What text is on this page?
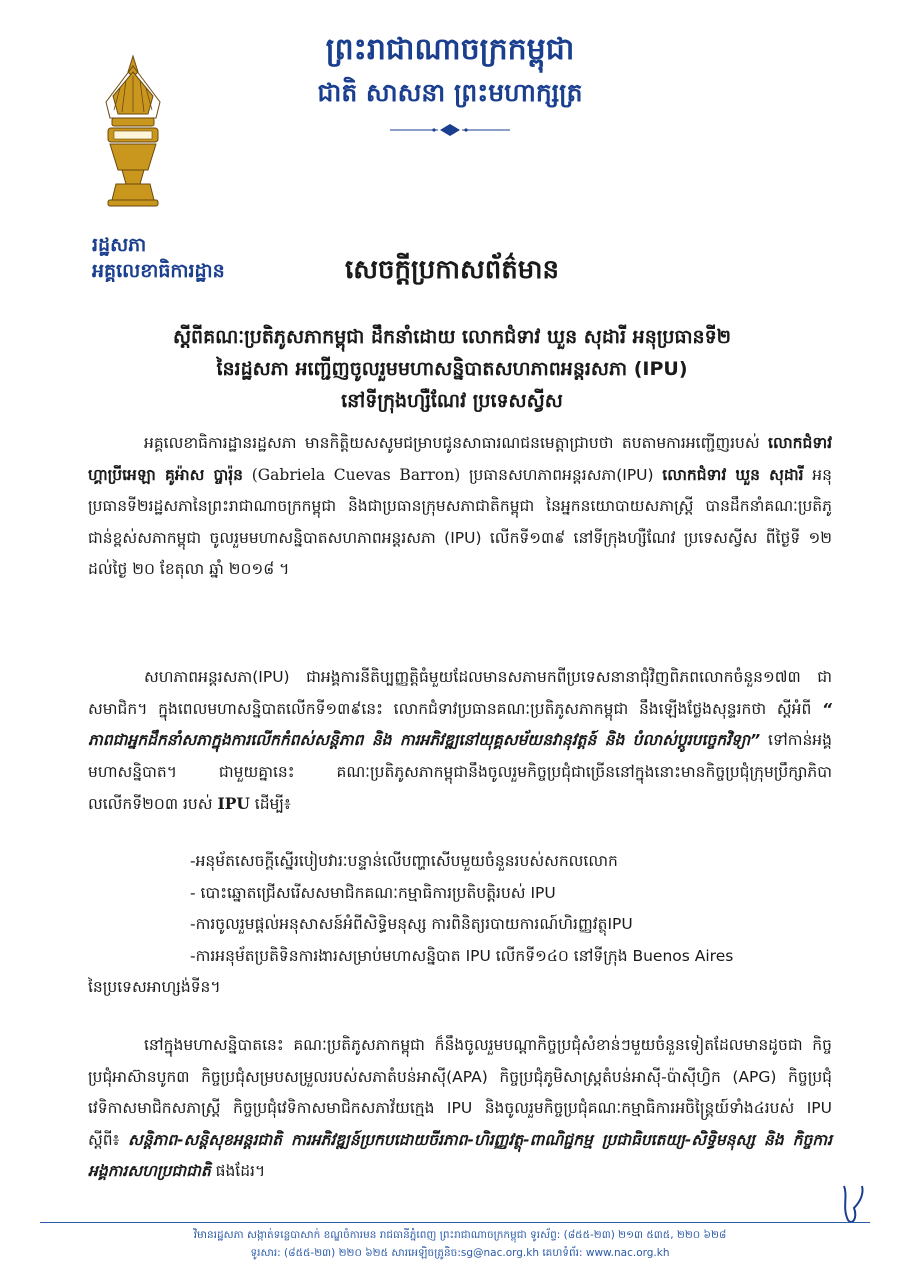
រដ្ឋសភា
អគ្គលេខាធិការដ្ឋាន
ព្រះរាជាណាចក្រកម្ពុជា
ជាតិ សាសនា ព្រះមហាក្សត្រ
សេចក្ដីប្រកាសព័ត៌មាន
ស្ដីពីគណៈប្រតិភូសភាកម្ពុជា ដឹកនាំដោយ លោកជំទាវ ឃួន សុដារី អនុប្រធានទី២
នៃរដ្ឋសភា អញ្ជើញចូលរួមមហាសន្និបាតសហភាពអន្តរសភា (IPU)
នៅទីក្រុងហ្សឺណែវ ប្រទេសស្វីស
អគ្គលេខាធិការដ្ឋានរដ្ឋសភា មានកិត្តិយសសូមជម្រាបជូនសាធារណជនមេត្តាជ្រាបថា តបតាមការអញ្ជើញរបស់ លោកជំទាវ ហ្គាប្រីអេឡា គូអ៉ាស ប្ចារ៉ុន (Gabriela Cuevas Barron) ប្រធានសហភាពអន្តរសភា(IPU) លោកជំទាវ ឃួន សុដារី អនុប្រធានទី២រដ្ឋសភានៃព្រះរាជាណាចក្រកម្ពុជា និងជាប្រធានក្រុមសភាជាតិកម្ពុជា នៃអ្នកនយោបាយសភាស្ត្រី បានដឹកនាំគណៈប្រតិភូជាន់ខ្ពស់សភាកម្ពុជា ចូលរួមមហាសន្និបាតសហភាពអន្តរសភា (IPU) លើកទី១៣៩ នៅទីក្រុងហ្សឺណែវ ប្រទេសស្វីស ពីថ្ងៃទី ១២ ដល់ថ្ងៃ ២០ ខែតុលា ឆ្នាំ ២០១៨ ។
សហភាពអន្តរសភា(IPU) ជាអង្គការនីតិប្បញ្ញត្តិធំមួយដែលមានសភាមកពីប្រទេសនានាជុំវិញពិភពលោកចំនួន១៧៣ ជាសមាជិក។ ក្នុងពេលមហាសន្និបាតលើកទី១៣៩នេះ លោកជំទាវប្រធានគណៈប្រតិភូសភាកម្ពុជា នឹងឡើងថ្លែងសុន្ទរកថា ស្ដីអំពី “ ភាពជាអ្នកដឹកនាំសភាក្នុងការលើកកំពស់សន្តិភាព និង ការអភិវឌ្ឍនៅយុគ្គសម័យនវានុវត្តន៍ និង បំលាស់ប្ដូរបច្ចេកវិទ្យា” ទៅកាន់អង្គមហាសន្និបាត។ ជាមួយគ្នានេះ គណៈប្រតិភូសភាកម្ពុជានឹងចូលរួមកិច្ចប្រជុំជាច្រើននៅក្នុងនោះមានកិច្ចប្រជុំក្រុមប្រឹក្សាភិបាលលើកទី២០៣ របស់ IPU ដើម្បី៖
-អនុម័តសេចក្ដីស្នើរបៀបវារៈបន្ទាន់លើបញ្ហាសើបមួយចំនួនរបស់សកលលោក
- បោះឆ្នោតជ្រើសរើសសមាជិកគណៈកម្មាធិការប្រតិបត្តិរបស់ IPU
-ការចូលរួមផ្ដល់អនុសាសន៍អំពីសិទ្ធិមនុស្ស ការពិនិត្យរបាយការណ៍ហិរញ្ញវត្ថុIPU
-ការអនុម័តប្រតិទិនការងារសម្រាប់មហាសន្និបាត IPU លើកទី១៤០ នៅទីក្រុង Buenos Aires
នៃប្រទេសអាហ្សង់ទីន។
នៅក្នុងមហាសន្និបាតនេះ គណៈប្រតិភូសភាកម្ពុជា ក៏នឹងចូលរួមបណ្ដាកិច្ចប្រជុំសំខាន់ៗមួយចំនួនទៀតដែលមានដូចជា កិច្ចប្រជុំអាស៊ានបូក៣ កិច្ចប្រជុំសម្របសម្រួលរបស់សភាតំបន់អាស៊ី(APA) កិច្ចប្រជុំភូមិសាស្ត្រតំបន់អាស៊ី-ប៉ាស៊ីហ្វិក (APG) កិច្ចប្រជុំវេទិកាសមាជិកសភាស្ត្រី កិច្ចប្រជុំវេទិកាសមាជិកសភាវ័យក្មេង IPU និងចូលរួមកិច្ចប្រជុំគណៈកម្មាធិការអចិន្ត្រៃយ៍ទាំង៤របស់ IPU ស្ដីពី៖ សន្តិភាព-សន្តិសុខអន្តរជាតិ ការអភិវឌ្ឍន៍ប្រកបដោយចីរភាព-ហិរញ្ញវត្ថុ-ពាណិជ្ជកម្ម ប្រជាធិបតេយ្យ-សិទ្ធិមនុស្ស និង កិច្ចការអង្គការសហប្រជាជាតិ ផងដែរ។
វិមានរដ្ឋសភា សង្កាត់ទន្លេបាសាក់ ខណ្ឌចំការមន រាជធានីភ្នំពេញ ព្រះរាជាណាចក្រកម្ពុជា ទូរស័ព្ទ: (៨៥៥-២៣) ២១៣ ៥៣៥, ២២០ ៦២៨
ទូរសារ: (៨៥៥-២៣) ២២០ ៦២៥ សារអេឡិចត្រូនិច:sg@nac.org.kh គេហទំព័រ: www.nac.org.kh
